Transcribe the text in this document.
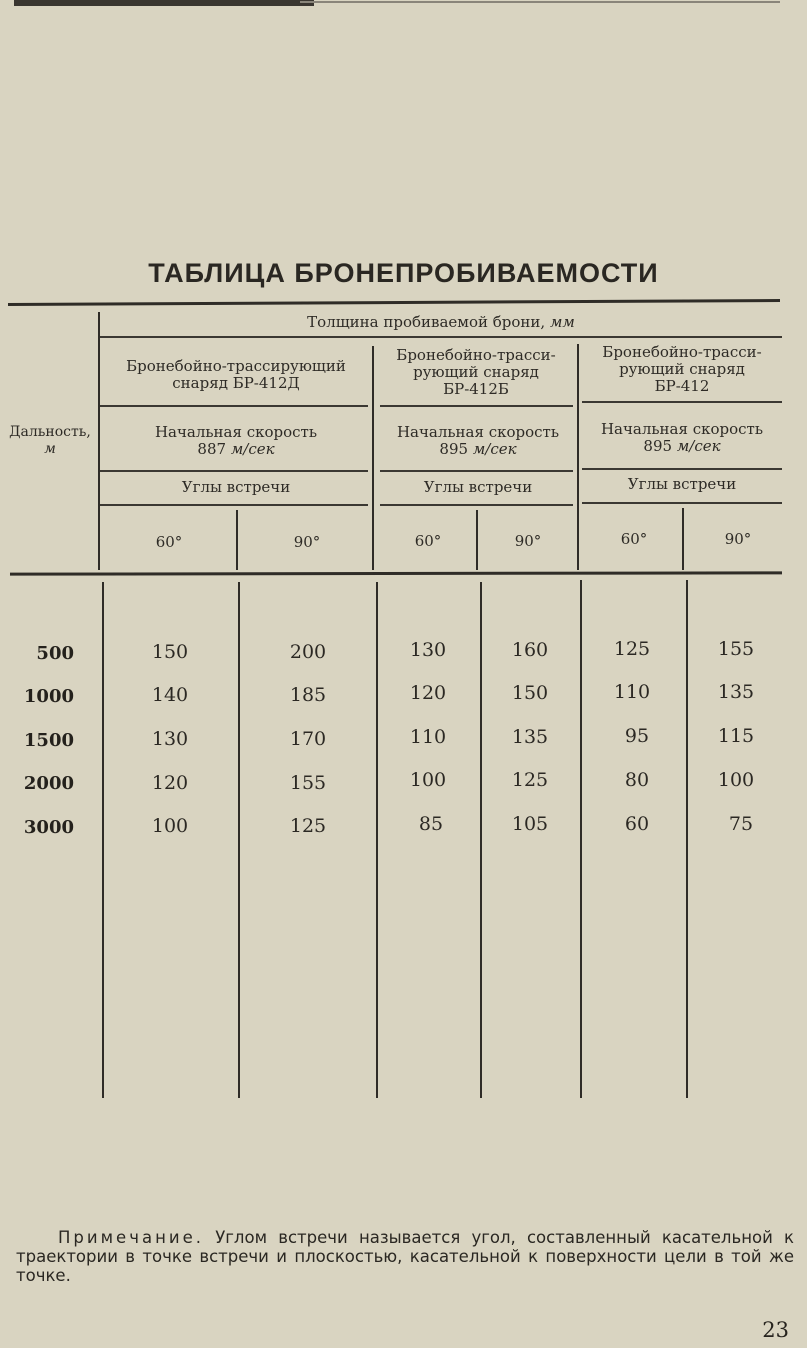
ТАБЛИЦА БРОНЕПРОБИВАЕМОСТИ
Дальность,
м
Толщина пробиваемой брони, мм
Бронебойно-трассирующий
снаряд БР-412Д
Начальная скорость
887 м/сек
Углы встречи
60°	90°
Бронебойно-трасси-
рующий снаряд
БР-412Б
Начальная скорость
895 м/сек
Углы встречи
60°	90°
Бронебойно-трасси-
рующий снаряд
БР-412
Начальная скорость
895 м/сек
Углы встречи
60°	90°
500	150	200	130	160	125	155
1000	140	185	120	150	110	135
1500	130	170	110	135	95	115
2000	120	155	100	125	80	100
3000	100	125	85	105	60	75
Примечание. Углом встречи называется угол, составленный касательной к траектории в точке встречи и плоскостью, касательной к поверхности цели в той же точке.
23
